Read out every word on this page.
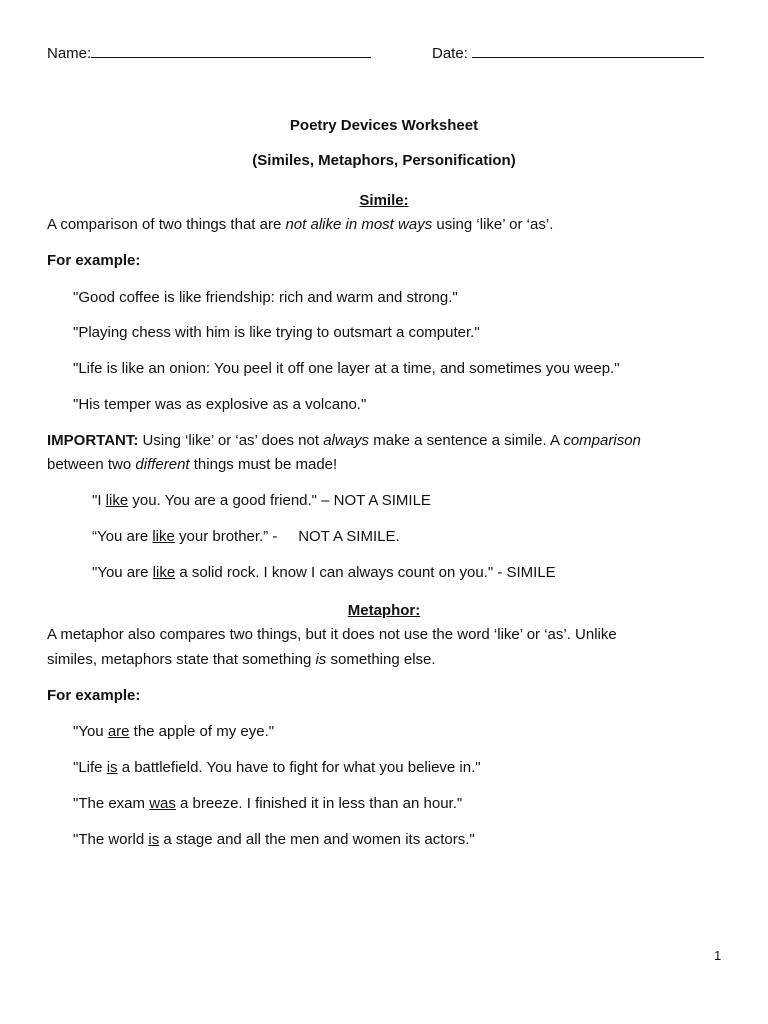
Name:	Date:
Poetry Devices Worksheet
(Similes, Metaphors, Personification)
Simile:
A comparison of two things that are not alike in most ways using ‘like’ or ‘as’.
For example:
"Good coffee is like friendship: rich and warm and strong."
"Playing chess with him is like trying to outsmart a computer."
"Life is like an onion: You peel it off one layer at a time, and sometimes you weep."
"His temper was as explosive as a volcano."
IMPORTANT: Using ‘like’ or ‘as’ does not always make a sentence a simile. A comparison
between two different things must be made!
"I like you. You are a good friend." – NOT A SIMILE
“You are like your brother.” -     NOT A SIMILE.
"You are like a solid rock. I know I can always count on you." - SIMILE
Metaphor:
A metaphor also compares two things, but it does not use the word ‘like’ or ‘as’. Unlike
similes, metaphors state that something is something else.
For example:
"You are the apple of my eye."
"Life is a battlefield. You have to fight for what you believe in."
"The exam was a breeze. I finished it in less than an hour."
"The world is a stage and all the men and women its actors."
1
